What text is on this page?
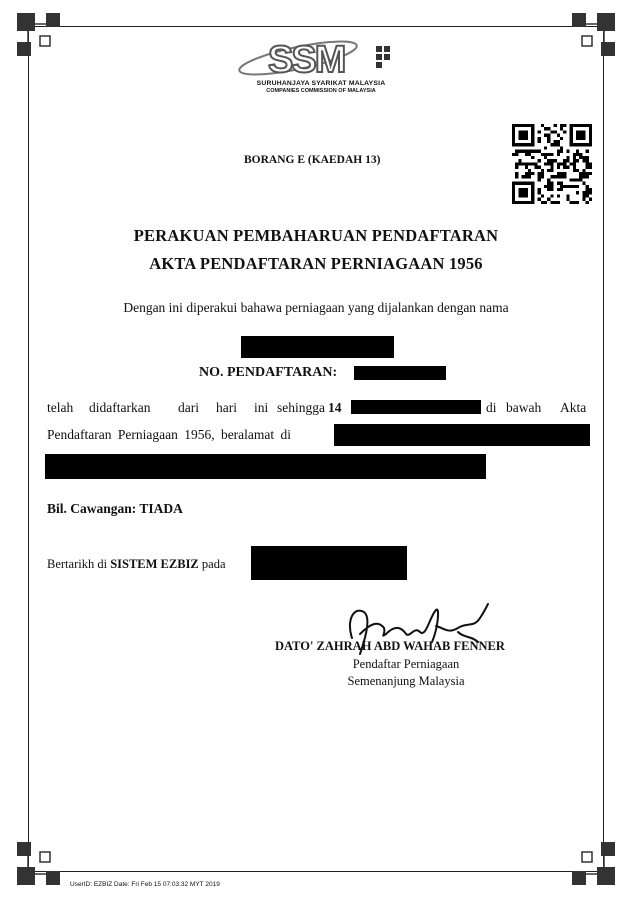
SSM
SURUHANJAYA SYARIKAT MALAYSIA
COMPANIES COMMISSION OF MALAYSIA
BORANG E (KAEDAH 13)
PERAKUAN PEMBAHARUAN PENDAFTARAN
AKTA PENDAFTARAN PERNIAGAAN 1956
Dengan ini diperakui bahawa perniagaan yang dijalankan dengan nama
NO. PENDAFTARAN:
telah didaftarkan dari hari ini sehingga 14	di bawah Akta
Pendaftaran Perniagaan 1956, beralamat di
Bil. Cawangan: TIADA
Bertarikh di SISTEM EZBIZ pada
DATO' ZAHRAH ABD WAHAB FENNER
Pendaftar Perniagaan
Semenanjung Malaysia
UserID: EZBIZ Date: Fri Feb 15 07:03:32 MYT 2019
